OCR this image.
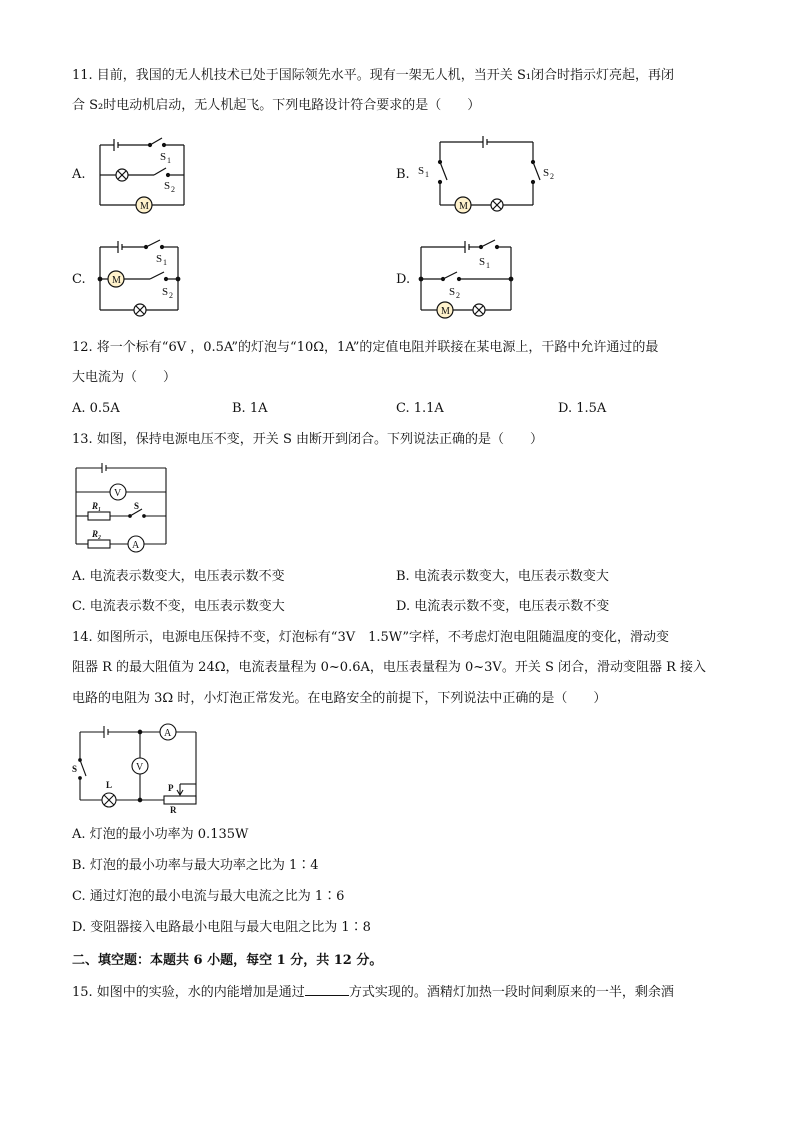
11. 目前，我国的无人机技术已处于国际领先水平。现有一架无人机，当开关 S₁闭合时指示灯亮起，再闭
合 S₂时电动机启动，无人机起飞。下列电路设计符合要求的是（　　）
A.
M
S 1
S 2
B.
M
S 1	S 2
C.	M
S 1
S 2
D.
M
S 1
S 2
12. 将一个标有“6V ，0.5A”的灯泡与“10Ω，1A”的定值电阻并联接在某电源上，干路中允许通过的最
大电流为（　　）
A. 0.5A	B. 1A	C. 1.1A	D. 1.5A
13. 如图，保持电源电压不变，开关 S 由断开到闭合。下列说法正确的是（　　）
V
A
R₁
R₂
S
A. 电流表示数变大，电压表示数不变	B. 电流表示数变大，电压表示数变大
C. 电流表示数不变，电压表示数变大	D. 电流表示数不变，电压表示数不变
14. 如图所示，电源电压保持不变，灯泡标有“3V　1.5W”字样，不考虑灯泡电阻随温度的变化，滑动变
阻器 R 的最大阻值为 24Ω，电流表量程为 0~0.6A，电压表量程为 0~3V。开关 S 闭合，滑动变阻器 R 接入
电路的电阻为 3Ω 时，小灯泡正常发光。在电路安全的前提下，下列说法中正确的是（　　）
A
V
S
L	P
R
A. 灯泡的最小功率为 0.135W
B. 灯泡的最小功率与最大功率之比为 1∶4
C. 通过灯泡的最小电流与最大电流之比为 1∶6
D. 变阻器接入电路最小电阻与最大电阻之比为 1∶8
二、填空题：本题共 6 小题，每空 1 分，共 12 分。
15. 如图中的实验，水的内能增加是通过	方式实现的。酒精灯加热一段时间剩原来的一半，剩余酒
